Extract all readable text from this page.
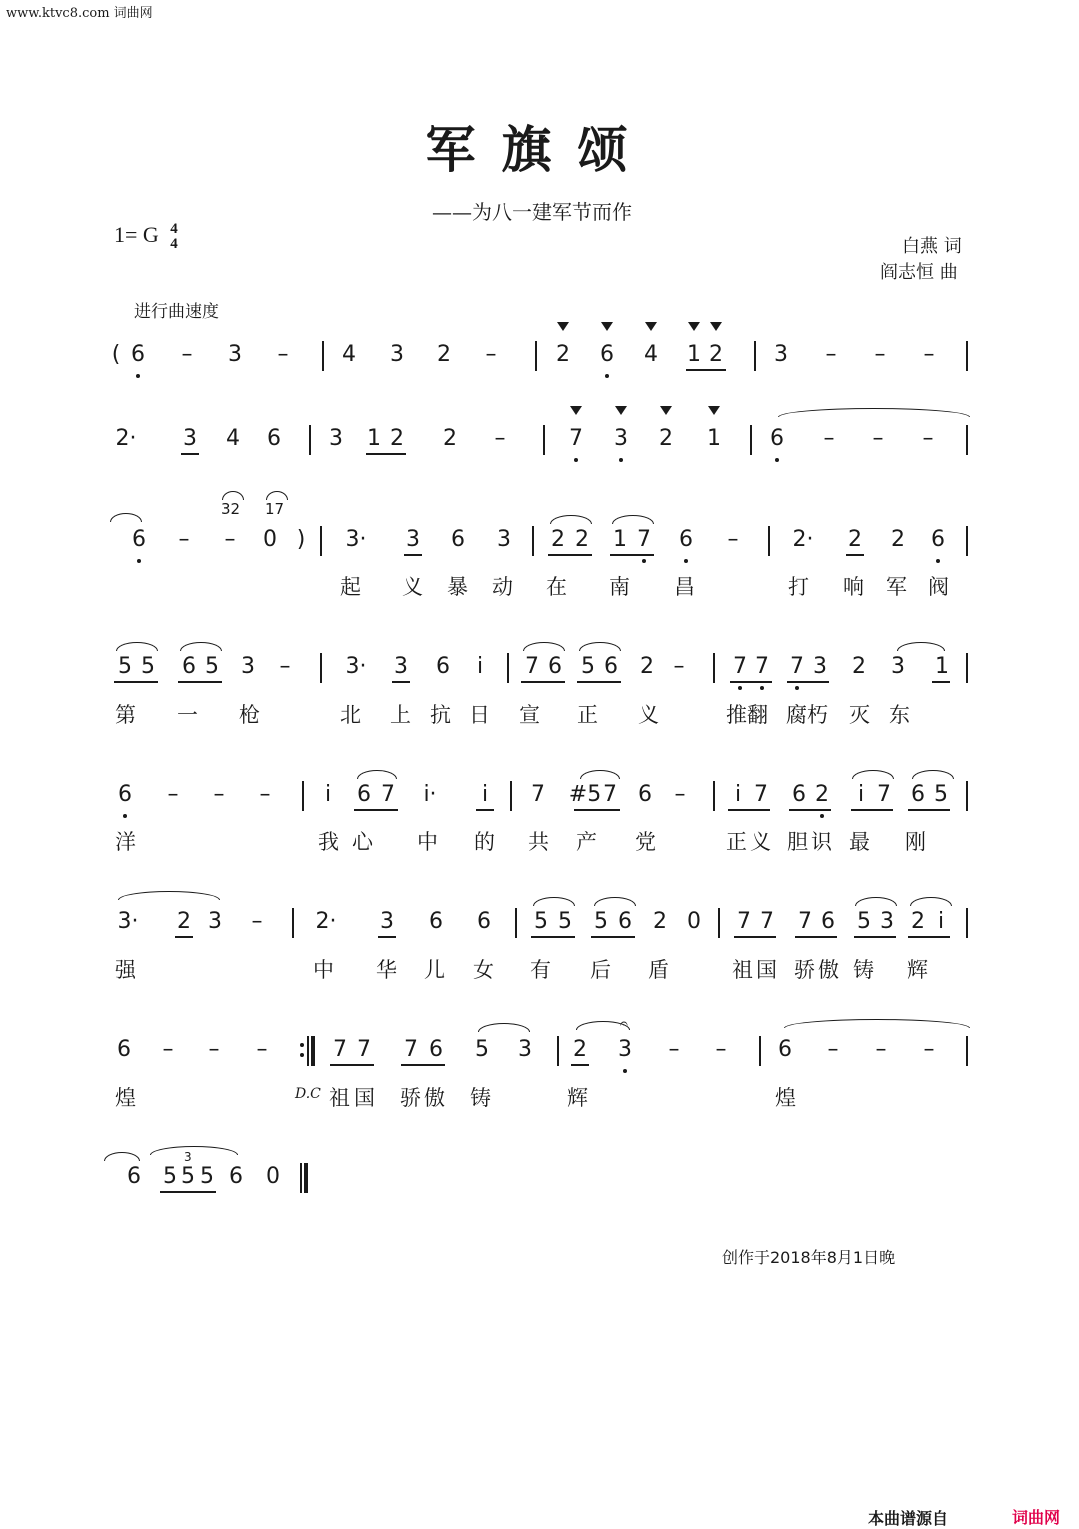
www.ktvc8.com 词曲网
军旗颂
——为八一建军节而作
1= G 4
4	白燕 词
阎志恒 曲
进行曲速度
( 6 – 3 – 4 3 2 –	2 6 4 1 2 3 – – –
2· 3 4 6 3 1 2 2 –	7 3 2 1 6 – – –
6 – –
32 17
0 ) 3· 3 6 3 2 2 1 7 6 – 2· 2 2 6
起 义 暴 动 在 南 昌	打 响 军 阀
5 5 6 5 3 –	3· 3 6 i 7 6 5 6 2 – 7 7 7 3 2 3 1
第 一 枪	北 上 抗 日 宣 正 义	推翻 腐朽 灭 东
6 – – – i 6 7 i· i 7 #5 7 6 – i 7 6 2 i 7 6 5
洋	我 心 中 的 共 产 党	正 义 胆 识 最 刚
3· 2 3 – 2· 3 6 6 5 5 5 6 2 0 7 7 7 6 5 3 2 i
强	中 华 儿 女 有 后 盾	祖 国 骄 傲 铸 辉
6 – – –	7 7 7 6 5 3
𝄐
2 3 – – 6 – – –
煌	D.C 祖 国 骄 傲 铸	辉	煌
6
3
5 5 5 6 0
创作于2018年8月1日晚
本曲谱源自	词曲网
